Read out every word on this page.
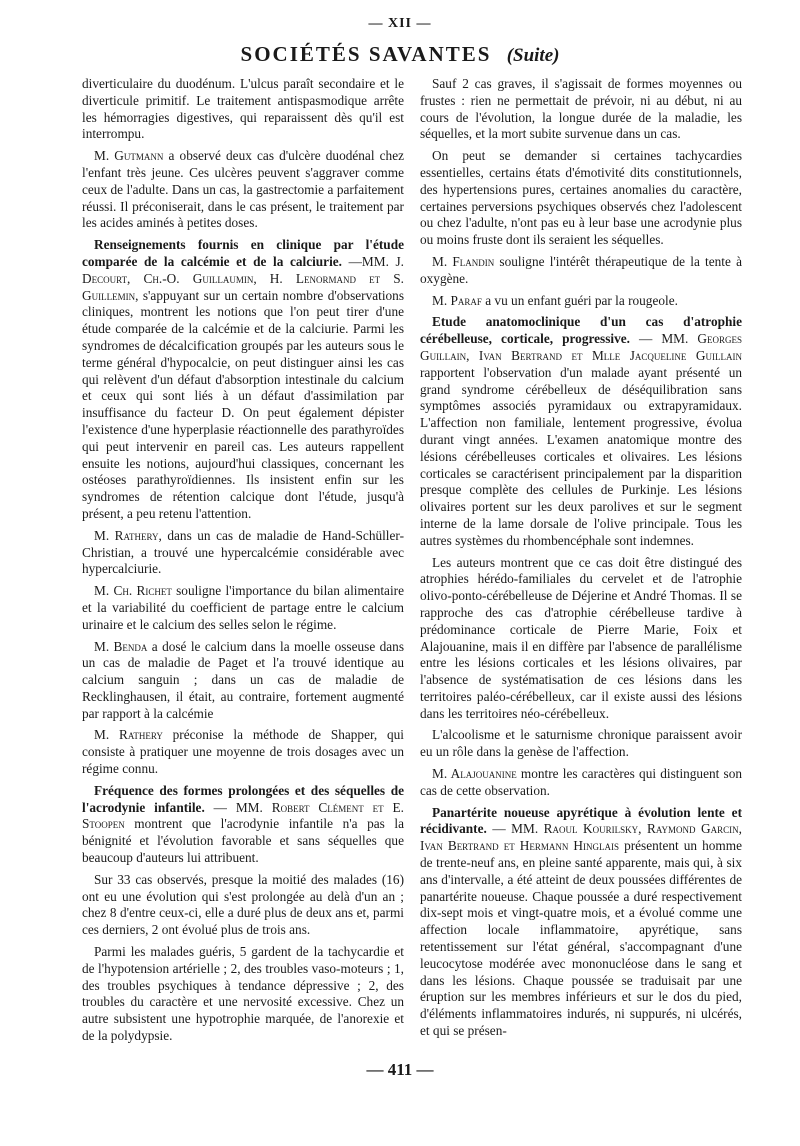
— XII —
SOCIÉTÉS SAVANTES (Suite)

diverticulaire du duodénum. L'ulcus paraît secondaire et le diverticule primitif. Le traitement antispasmodique arrête les hémorragies digestives, qui reparaissent dès qu'il est interrompu.

M. Gutmann a observé deux cas d'ulcère duodénal chez l'enfant très jeune. Ces ulcères peuvent s'aggraver comme ceux de l'adulte. Dans un cas, la gastrectomie a parfaitement réussi. Il préconiserait, dans le cas présent, le traitement par les acides aminés à petites doses.

Renseignements fournis en clinique par l'étude comparée de la calcémie et de la calciurie. —MM. J. Decourt, Ch.-O. Guillaumin, H. Lenormand et S. Guillemin, s'appuyant sur un certain nombre d'observations cliniques, montrent les notions que l'on peut tirer d'une étude comparée de la calcémie et de la calciurie. Parmi les syndromes de décalcification groupés par les auteurs sous le terme général d'hypocalcie, on peut distinguer ainsi les cas qui relèvent d'un défaut d'absorption intestinale du calcium et ceux qui sont liés à un défaut d'assimilation par insuffisance du facteur D. On peut également dépister l'existence d'une hyperplasie réactionnelle des parathyroïdes qui peut intervenir en pareil cas. Les auteurs rappellent ensuite les notions, aujourd'hui classiques, concernant les ostéoses parathyroïdiennes. Ils insistent enfin sur les syndromes de rétention calcique dont l'étude, jusqu'à présent, a peu retenu l'attention.

M. Rathery, dans un cas de maladie de Hand-Schüller-Christian, a trouvé une hypercalcémie considérable avec hypercalciurie.

M. Ch. Richet souligne l'importance du bilan alimentaire et la variabilité du coefficient de partage entre le calcium urinaire et le calcium des selles selon le régime.

M. Benda a dosé le calcium dans la moelle osseuse dans un cas de maladie de Paget et l'a trouvé identique au calcium sanguin ; dans un cas de maladie de Recklinghausen, il était, au contraire, fortement augmenté par rapport à la calcémie

M. Rathery préconise la méthode de Shapper, qui consiste à pratiquer une moyenne de trois dosages avec un régime connu.

Fréquence des formes prolongées et des séquelles de l'acrodynie infantile. — MM. Robert Clément et E. Stoopen montrent que l'acrodynie infantile n'a pas la bénignité et l'évolution favorable et sans séquelles que beaucoup d'auteurs lui attribuent.

Sur 33 cas observés, presque la moitié des malades (16) ont eu une évolution qui s'est prolongée au delà d'un an ; chez 8 d'entre ceux-ci, elle a duré plus de deux ans et, parmi ces derniers, 2 ont évolué plus de trois ans.

Parmi les malades guéris, 5 gardent de la tachycardie et de l'hypotension artérielle ; 2, des troubles vaso-moteurs ; 1, des troubles psychiques à tendance dépressive ; 2, des troubles du caractère et une nervosité excessive. Chez un autre subsistent une hypotrophie marquée, de l'anorexie et de la polydypsie.

Sauf 2 cas graves, il s'agissait de formes moyennes ou frustes : rien ne permettait de prévoir, ni au début, ni au cours de l'évolution, la longue durée de la maladie, les séquelles, et la mort subite survenue dans un cas.

On peut se demander si certaines tachycardies essentielles, certains états d'émotivité dits constitutionnels, des hypertensions pures, certaines anomalies du caractère, certaines perversions psychiques observés chez l'adolescent ou chez l'adulte, n'ont pas eu à leur base une acrodynie plus ou moins fruste dont ils seraient les séquelles.

M. Flandin souligne l'intérêt thérapeutique de la tente à oxygène.

M. Paraf a vu un enfant guéri par la rougeole.

Etude anatomoclinique d'un cas d'atrophie cérébelleuse, corticale, progressive. — MM. Georges Guillain, Ivan Bertrand et Mlle Jacqueline Guillain rapportent l'observation d'un malade ayant présenté un grand syndrome cérébelleux de déséquilibration sans symptômes associés pyramidaux ou extrapyramidaux. L'affection non familiale, lentement progressive, évolua durant vingt années. L'examen anatomique montre des lésions cérébelleuses corticales et olivaires. Les lésions corticales se caractérisent principalement par la disparition presque complète des cellules de Purkinje. Les lésions olivaires portent sur les deux parolives et sur le segment interne de la lame dorsale de l'olive principale. Tous les autres systèmes du rhombencéphale sont indemnes.

Les auteurs montrent que ce cas doit être distingué des atrophies hérédo-familiales du cervelet et de l'atrophie olivo-ponto-cérébelleuse de Déjerine et André Thomas. Il se rapproche des cas d'atrophie cérébelleuse tardive à prédominance corticale de Pierre Marie, Foix et Alajouanine, mais il en diffère par l'absence de parallélisme entre les lésions corticales et les lésions olivaires, par l'absence de systématisation de ces lésions dans les territoires paléo-cérébelleux, car il existe aussi des lésions dans les territoires néo-cérébelleux.

L'alcoolisme et le saturnisme chronique paraissent avoir eu un rôle dans la genèse de l'affection.

M. Alajouanine montre les caractères qui distinguent son cas de cette observation.

Panartérite noueuse apyrétique à évolution lente et récidivante. — MM. Raoul Kourilsky, Raymond Garcin, Ivan Bertrand et Hermann Hinglais présentent un homme de trente-neuf ans, en pleine santé apparente, mais qui, à six ans d'intervalle, a été atteint de deux poussées différentes de panartérite noueuse. Chaque poussée a duré respectivement dix-sept mois et vingt-quatre mois, et a évolué comme une affection locale inflammatoire, apyrétique, sans retentissement sur l'état général, s'accompagnant d'une leucocytose modérée avec mononucléose dans le sang et dans les lésions. Chaque poussée se traduisait par une éruption sur les membres inférieurs et sur le dos du pied, d'éléments inflammatoires indurés, ni suppurés, ni ulcérés, et qui se présen-

— 411 —
